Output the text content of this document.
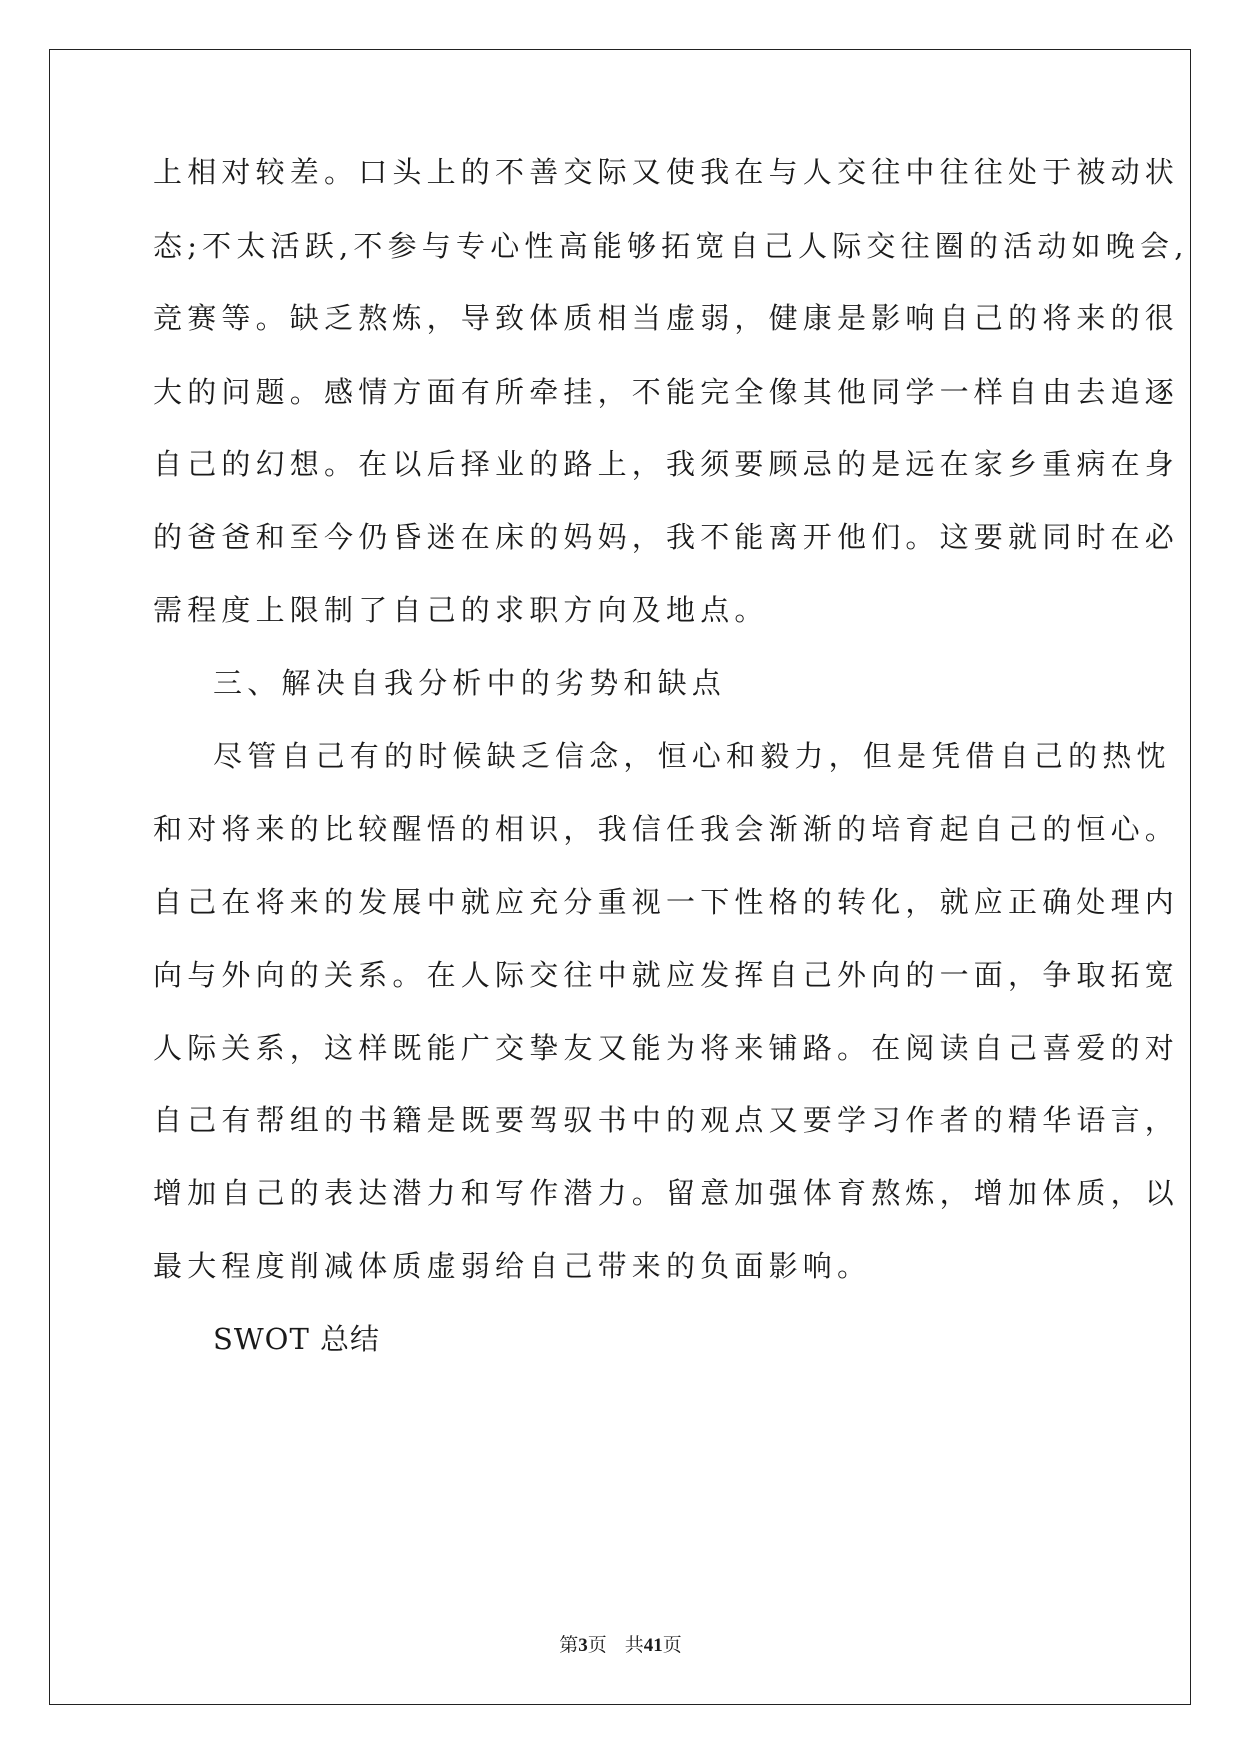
上相对较差。口头上的不善交际又使我在与人交往中往往处于被动状
态;不太活跃,不参与专心性高能够拓宽自己人际交往圈的活动如晚会,
竞赛等。缺乏熬炼，导致体质相当虚弱，健康是影响自己的将来的很
大的问题。感情方面有所牵挂，不能完全像其他同学一样自由去追逐
自己的幻想。在以后择业的路上，我须要顾忌的是远在家乡重病在身
的爸爸和至今仍昏迷在床的妈妈，我不能离开他们。这要就同时在必
需程度上限制了自己的求职方向及地点。
三、解决自我分析中的劣势和缺点
尽管自己有的时候缺乏信念，恒心和毅力，但是凭借自己的热忱
和对将来的比较醒悟的相识，我信任我会渐渐的培育起自己的恒心。
自己在将来的发展中就应充分重视一下性格的转化，就应正确处理内
向与外向的关系。在人际交往中就应发挥自己外向的一面，争取拓宽
人际关系，这样既能广交挚友又能为将来铺路。在阅读自己喜爱的对
自己有帮组的书籍是既要驾驭书中的观点又要学习作者的精华语言，
增加自己的表达潜力和写作潜力。留意加强体育熬炼，增加体质，以
最大程度削减体质虚弱给自己带来的负面影响。
SWOT 总结
第3页 共41页
